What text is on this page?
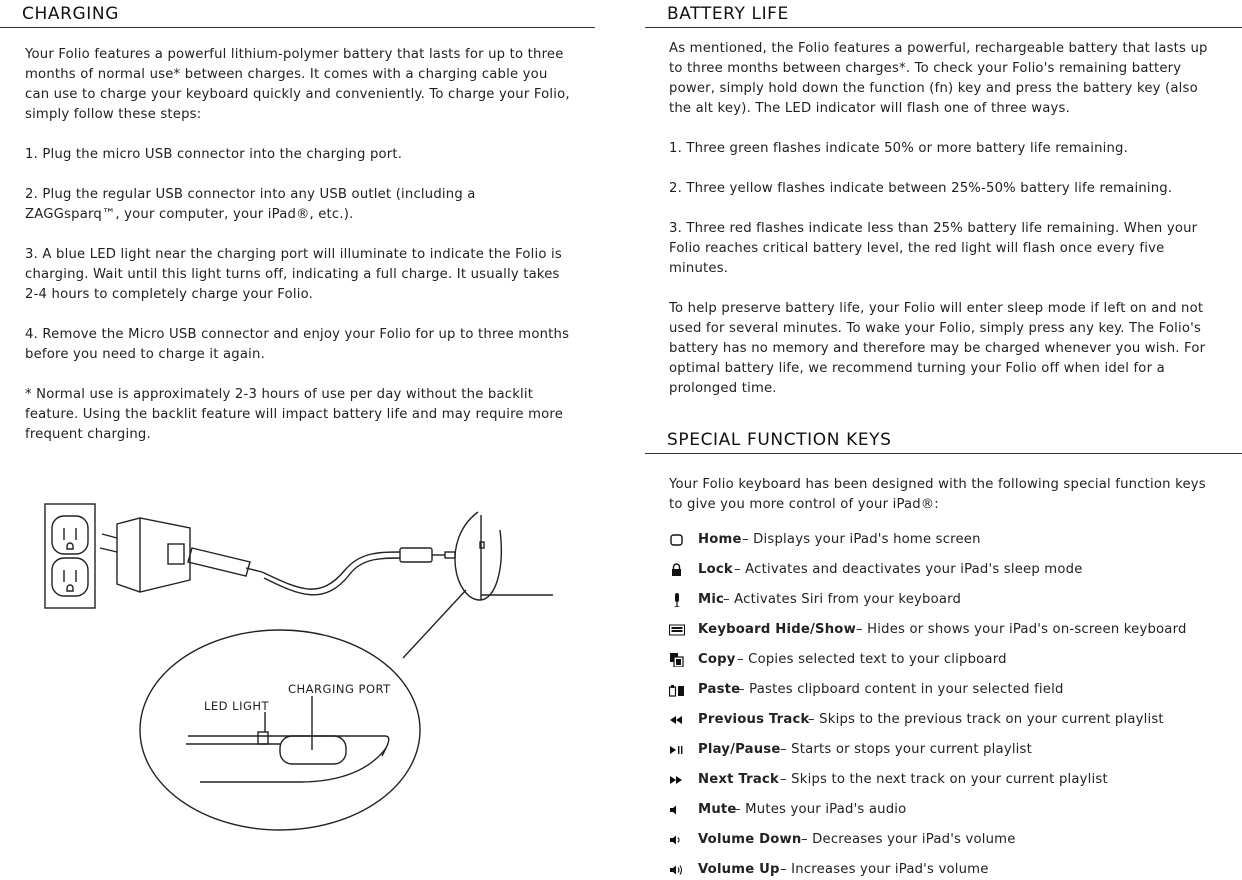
CHARGING
Your Folio features a powerful lithium-polymer battery that lasts for up to three months of normal use* between charges. It comes with a charging cable you can use to charge your keyboard quickly and conveniently. To charge your Folio, simply follow these steps:
1. Plug the micro USB connector into the charging port.
2. Plug the regular USB connector into any USB outlet (including a ZAGGsparq™, your computer, your iPad®, etc.).
3. A blue LED light near the charging port will illuminate to indicate the Folio is charging. Wait until this light turns off, indicating a full charge. It usually takes 2-4 hours to completely charge your Folio.
4. Remove the Micro USB connector and enjoy your Folio for up to three months before you need to charge it again.
* Normal use is approximately 2-3 hours of use per day without the backlit feature. Using the backlit feature will impact battery life and may require more frequent charging.
CHARGING PORT
LED LIGHT
BATTERY LIFE
As mentioned, the Folio features a powerful, rechargeable battery that lasts up to three months between charges*. To check your Folio's remaining battery power, simply hold down the function (fn) key and press the battery key (also the alt key). The LED indicator will flash one of three ways.
1. Three green flashes indicate 50% or more battery life remaining.
2. Three yellow flashes indicate between 25%-50% battery life remaining.
3. Three red flashes indicate less than 25% battery life remaining. When your Folio reaches critical battery level, the red light will flash once every five minutes.
To help preserve battery life, your Folio will enter sleep mode if left on and not used for several minutes. To wake your Folio, simply press any key. The Folio's battery has no memory and therefore may be charged whenever you wish. For optimal battery life, we recommend turning your Folio off when idel for a prolonged time.
SPECIAL FUNCTION KEYS
Your Folio keyboard has been designed with the following special function keys to give you more control of your iPad®:
Home – Displays your iPad's home screen
Lock – Activates and deactivates your iPad's sleep mode
Mic
– Activates Siri from your keyboard
Keyboard Hide/Show – Hides or shows your iPad's on-screen keyboard
Copy – Copies selected text to your clipboard
Paste
– Pastes clipboard content in your selected field
Previous Track
– Skips to the previous track on your current playlist
Play/Pause – Starts or stops your current playlist
Next Track – Skips to the next track on your current playlist
Mute
– Mutes your iPad's audio
Volume Down – Decreases your iPad's volume
Volume Up – Increases your iPad's volume
